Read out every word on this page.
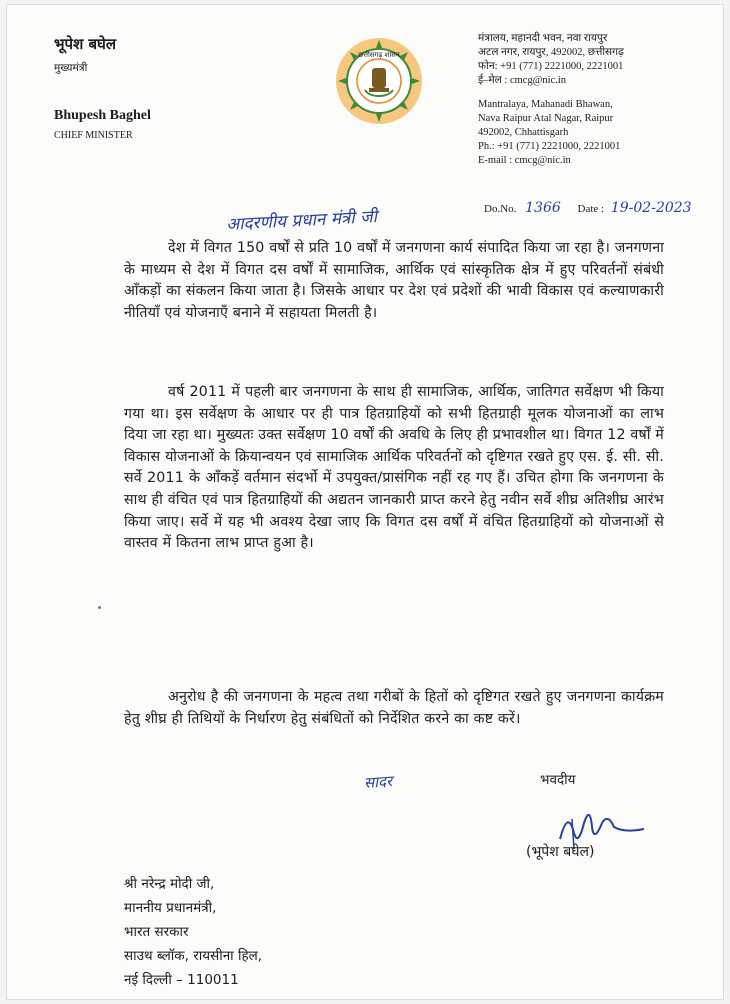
भूपेश बघेल
मुख्यमंत्री
Bhupesh Baghel
CHIEF MINISTER
छत्तीसगढ़ शासन
मंत्रालय, महानदी भवन, नवा रायपुर
अटल नगर, रायपुर, 492002, छत्तीसगढ़
फोन: +91 (771) 2221000, 2221001
ई–मेल : cmcg@nic.in
Mantralaya, Mahanadi Bhawan,
Nava Raipur Atal Nagar, Raipur
492002, Chhattisgarh
Ph.: +91 (771) 2221000, 2221001
E-mail : cmcg@nic.in
Do.No. 1366 Date : 19-02-2023
आदरणीय प्रधान मंत्री जी
देश में विगत 150 वर्षों से प्रति 10 वर्षों में जनगणना कार्य संपादित किया जा रहा है। जनगणना के माध्यम से देश में विगत दस वर्षों में सामाजिक, आर्थिक एवं सांस्कृतिक क्षेत्र में हुए परिवर्तनों संबंधी आँकड़ों का संकलन किया जाता है। जिसके आधार पर देश एवं प्रदेशों की भावी विकास एवं कल्याणकारी नीतियाँ एवं योजनाएँ बनाने में सहायता मिलती है।
वर्ष 2011 में पहली बार जनगणना के साथ ही सामाजिक, आर्थिक, जातिगत सर्वेक्षण भी किया गया था। इस सर्वेक्षण के आधार पर ही पात्र हितग्राहियों को सभी हितग्राही मूलक योजनाओं का लाभ दिया जा रहा था। मुख्यतः उक्त सर्वेक्षण 10 वर्षों की अवधि के लिए ही प्रभावशील था। विगत 12 वर्षों में विकास योजनाओं के क्रियान्वयन एवं सामाजिक आर्थिक परिवर्तनों को दृष्टिगत रखते हुए एस. ई. सी. सी. सर्वे 2011 के आँकड़ें वर्तमान संदर्भो में उपयुक्त/प्रासंगिक नहीं रह गए हैं। उचित होगा कि जनगणना के साथ ही वंचित एवं पात्र हितग्राहियों की अद्यतन जानकारी प्राप्त करने हेतु नवीन सर्वे शीघ्र अतिशीघ्र आरंभ किया जाए। सर्वे में यह भी अवश्य देखा जाए कि विगत दस वर्षों में वंचित हितग्राहियों को योजनाओं से वास्तव में कितना लाभ प्राप्त हुआ है।
अनुरोध है की जनगणना के महत्व तथा गरीबों के हितों को दृष्टिगत रखते हुए जनगणना कार्यक्रम हेतु शीघ्र ही तिथियों के निर्धारण हेतु संबंधितों को निर्देशित करने का कष्ट करें।
सादर	भवदीय
(भूपेश बघेल)
श्री नरेन्द्र मोदी जी,
माननीय प्रधानमंत्री,
भारत सरकार
साउथ ब्लॉक, रायसीना हिल,
नई दिल्ली – 110011
